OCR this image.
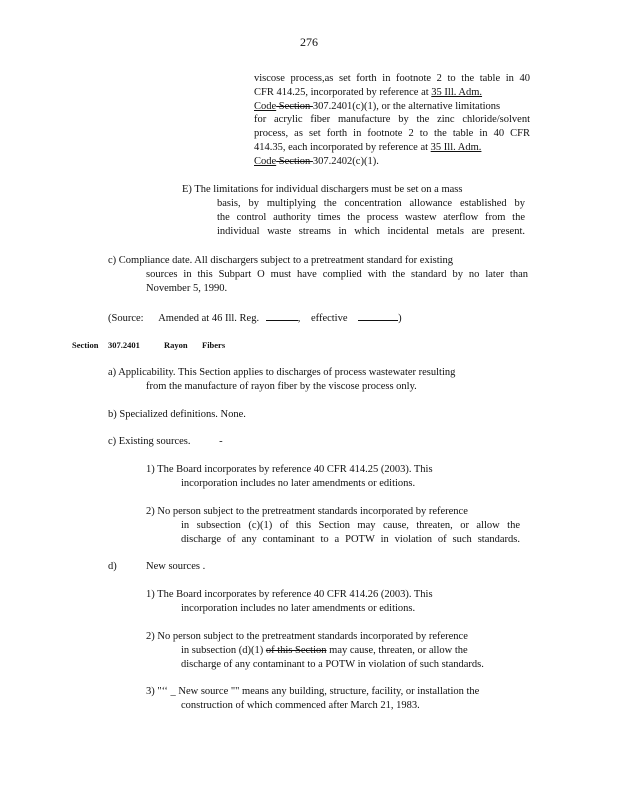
276
viscose process,as set forth in footnote 2 to the table in 40
CFR 414.25, incorporated by reference at 35 Ill. Adm.
Code Section 307.2401(c)(1), or the alternative limitations
for acrylic fiber manufacture by the zinc chloride/solvent
process, as set forth in footnote 2 to the table in 40 CFR
414.35, each incorporated by reference at 35 Ill. Adm.
Code Section 307.2402(c)(1).
E) The limitations for individual dischargers must be set on a mass
basis, by multiplying the concentration allowance established by
the control authority times the process wastew aterflow from the
individual waste streams in which incidental metals are present.
c) Compliance date. All dischargers subject to a pretreatment standard for existing
sources in this Subpart O must have complied with the standard by no later than
November 5, 1990.
(Source: Amended at 46 Ill. Reg.	, effective	)
Section 307.2401	Rayon Fibers
a) Applicability. This Section applies to discharges of process wastewater resulting
from the manufacture of rayon fiber by the viscose process only.
b) Specialized definitions. None.
c) Existing sources.	-
1) The Board incorporates by reference 40 CFR 414.25 (2003). This
incorporation includes no later amendments or editions.
2) No person subject to the pretreatment standards incorporated by reference
in subsection (c)(1) of this Section may cause, threaten, or allow the
discharge of any contaminant to a POTW in violation of such standards.
d)	New sources .
1) The Board incorporates by reference 40 CFR 414.26 (2003). This
incorporation includes no later amendments or editions.
2) No person subject to the pretreatment standards incorporated by reference
in subsection (d)(1) of this Section may cause, threaten, or allow the
discharge of any contaminant to a POTW in violation of such standards.
3) "‘‘ _ New source "" means any building, structure, facility, or installation the
construction of which commenced after March 21, 1983.
